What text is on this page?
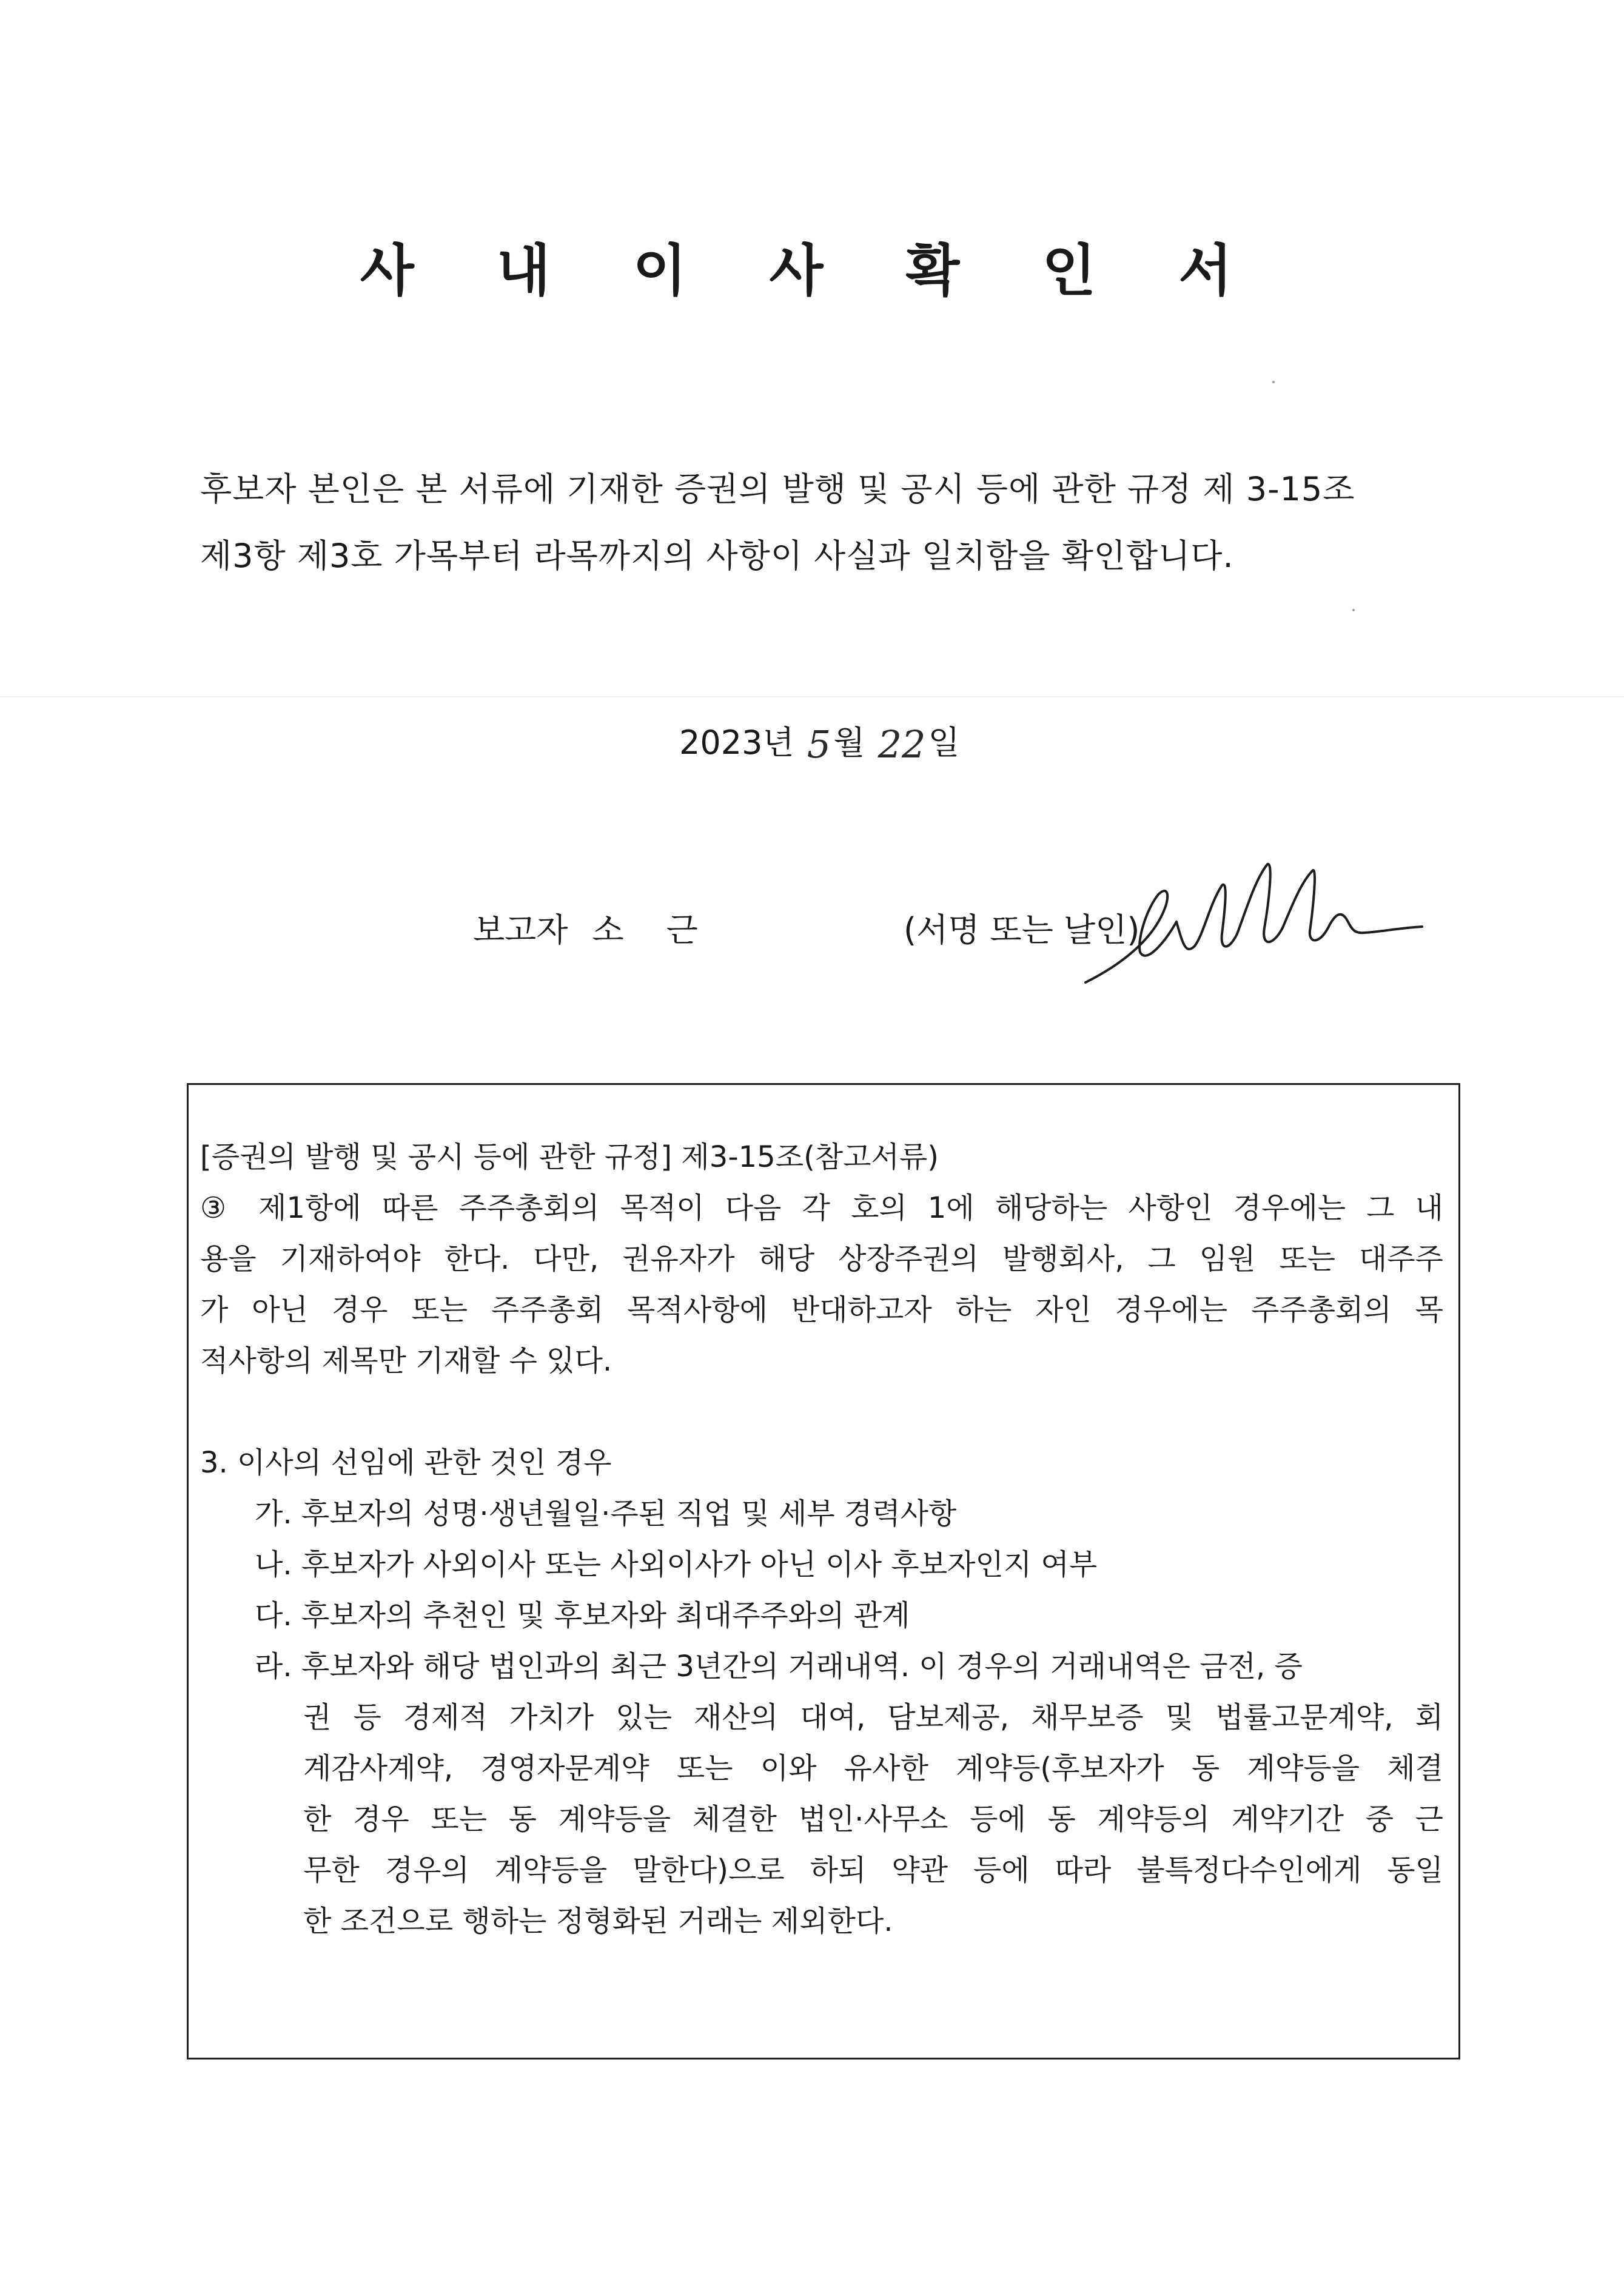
사 내 이 사 확 인 서

후보자 본인은 본 서류에 기재한 증권의 발행 및 공시 등에 관한 규정 제 3-15조

제3항 제3호 가목부터 라목까지의 사항이 사실과 일치함을 확인합니다.

2023년 5월 22일
보고자 소 근	(서명 또는 날인)

[증권의 발행 및 공시 등에 관한 규정] 제3-15조(참고서류)

③ 제1항에 따른 주주총회의 목적이 다음 각 호의 1에 해당하는 사항인 경우에는 그 내

용을 기재하여야 한다. 다만, 권유자가 해당 상장주권의 발행회사, 그 임원 또는 대주주

가 아닌 경우 또는 주주총회 목적사항에 반대하고자 하는 자인 경우에는 주주총회의 목

적사항의 제목만 기재할 수 있다.

3. 이사의 선임에 관한 것인 경우

가. 후보자의 성명·생년월일·주된 직업 및 세부 경력사항

나. 후보자가 사외이사 또는 사외이사가 아닌 이사 후보자인지 여부

다. 후보자의 추천인 및 후보자와 최대주주와의 관계

라. 후보자와 해당 법인과의 최근 3년간의 거래내역. 이 경우의 거래내역은 금전, 증

권 등 경제적 가치가 있는 재산의 대여, 담보제공, 채무보증 및 법률고문계약, 회

계감사계약, 경영자문계약 또는 이와 유사한 계약등(후보자가 동 계약등을 체결

한 경우 또는 동 계약등을 체결한 법인·사무소 등에 동 계약등의 계약기간 중 근

무한 경우의 계약등을 말한다)으로 하되 약관 등에 따라 불특정다수인에게 동일

한 조건으로 행하는 정형화된 거래는 제외한다.
